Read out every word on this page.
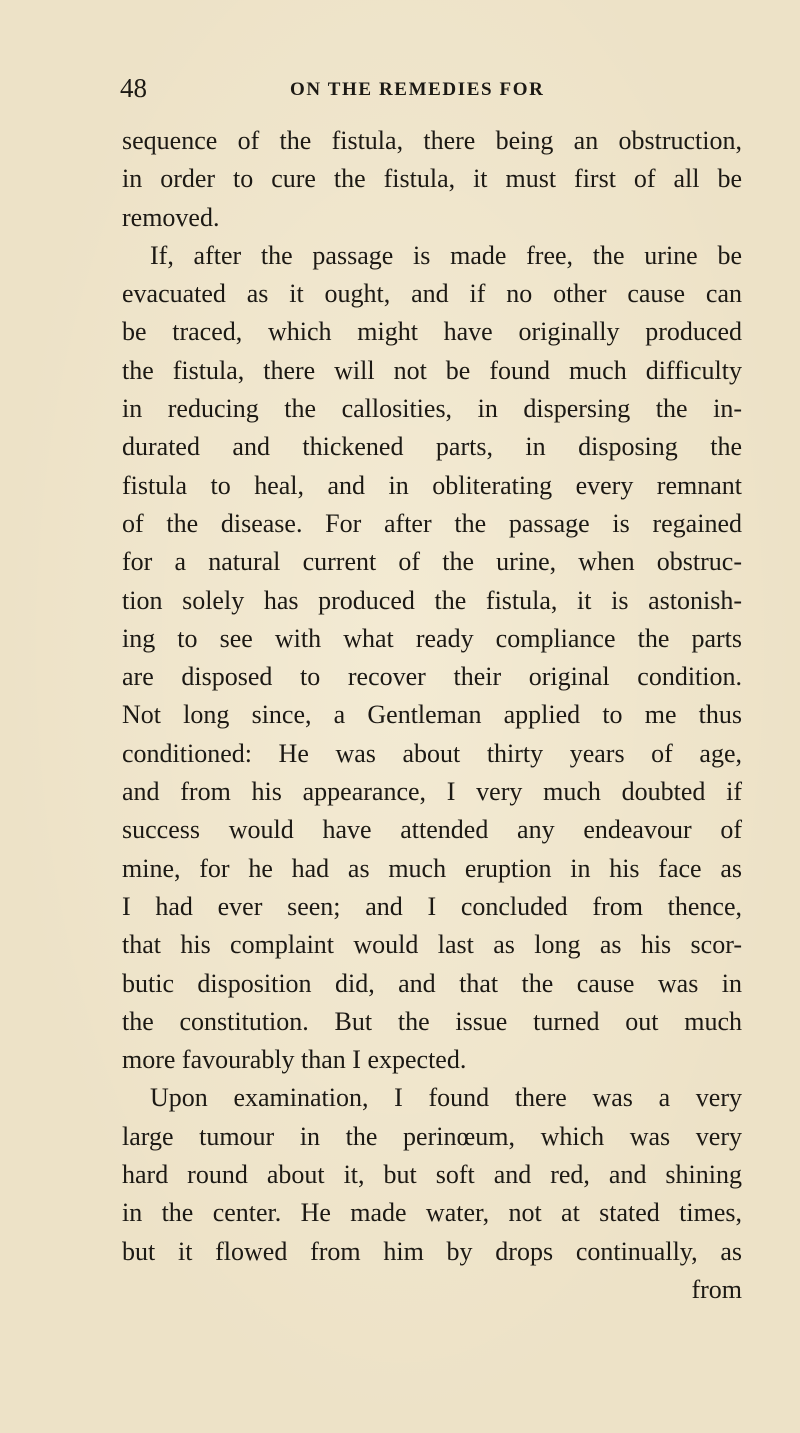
48	ON THE REMEDIES FOR
sequence of the fistula, there being an obstruction,
in order to cure the fistula, it must first of all be
removed.
If, after the passage is made free, the urine be
evacuated as it ought, and if no other cause can
be traced, which might have originally produced
the fistula, there will not be found much difficulty
in reducing the callosities, in dispersing the in-
durated and thickened parts, in disposing the
fistula to heal, and in obliterating every remnant
of the disease. For after the passage is regained
for a natural current of the urine, when obstruc-
tion solely has produced the fistula, it is astonish-
ing to see with what ready compliance the parts
are disposed to recover their original condition.
Not long since, a Gentleman applied to me thus
conditioned: He was about thirty years of age,
and from his appearance, I very much doubted if
success would have attended any endeavour of
mine, for he had as much eruption in his face as
I had ever seen; and I concluded from thence,
that his complaint would last as long as his scor-
butic disposition did, and that the cause was in
the constitution. But the issue turned out much
more favourably than I expected.
Upon examination, I found there was a very
large tumour in the perinœum, which was very
hard round about it, but soft and red, and shining
in the center. He made water, not at stated times,
but it flowed from him by drops continually, as
from
